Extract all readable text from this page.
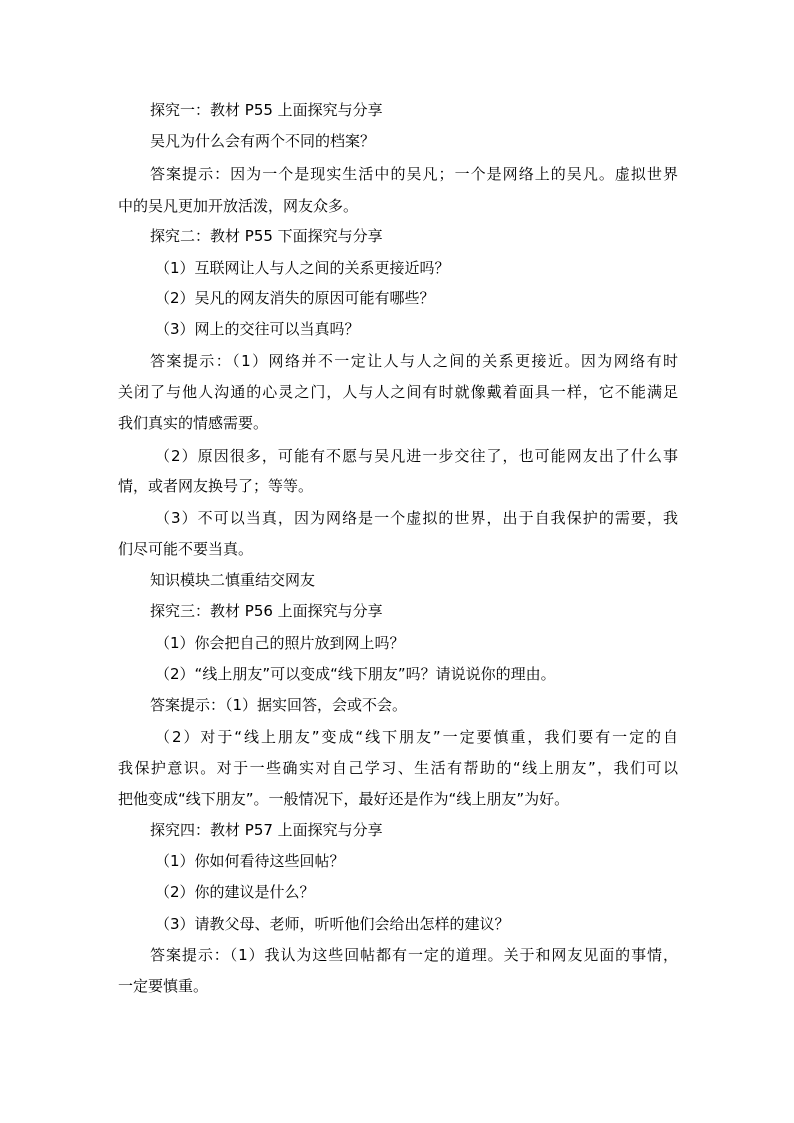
探究一：教材 P55 上面探究与分享
吴凡为什么会有两个不同的档案？
答案提示：因为一个是现实生活中的吴凡；一个是网络上的吴凡。虚拟世界
中的吴凡更加开放活泼，网友众多。
探究二：教材 P55 下面探究与分享
（1）互联网让人与人之间的关系更接近吗？
（2）吴凡的网友消失的原因可能有哪些？
（3）网上的交往可以当真吗？
答案提示：（1）网络并不一定让人与人之间的关系更接近。因为网络有时
关闭了与他人沟通的心灵之门，人与人之间有时就像戴着面具一样，它不能满足
我们真实的情感需要。
（2）原因很多，可能有不愿与吴凡进一步交往了，也可能网友出了什么事
情，或者网友换号了；等等。
（3）不可以当真，因为网络是一个虚拟的世界，出于自我保护的需要，我
们尽可能不要当真。
知识模块二慎重结交网友
探究三：教材 P56 上面探究与分享
（1）你会把自己的照片放到网上吗？
（2）“线上朋友”可以变成“线下朋友”吗？请说说你的理由。
答案提示：（1）据实回答，会或不会。
（2）对于“线上朋友”变成“线下朋友”一定要慎重，我们要有一定的自
我保护意识。对于一些确实对自己学习、生活有帮助的“线上朋友”，我们可以
把他变成“线下朋友”。一般情况下，最好还是作为“线上朋友”为好。
探究四：教材 P57 上面探究与分享
（1）你如何看待这些回帖？
（2）你的建议是什么？
（3）请教父母、老师，听听他们会给出怎样的建议？
答案提示：（1）我认为这些回帖都有一定的道理。关于和网友见面的事情，
一定要慎重。
